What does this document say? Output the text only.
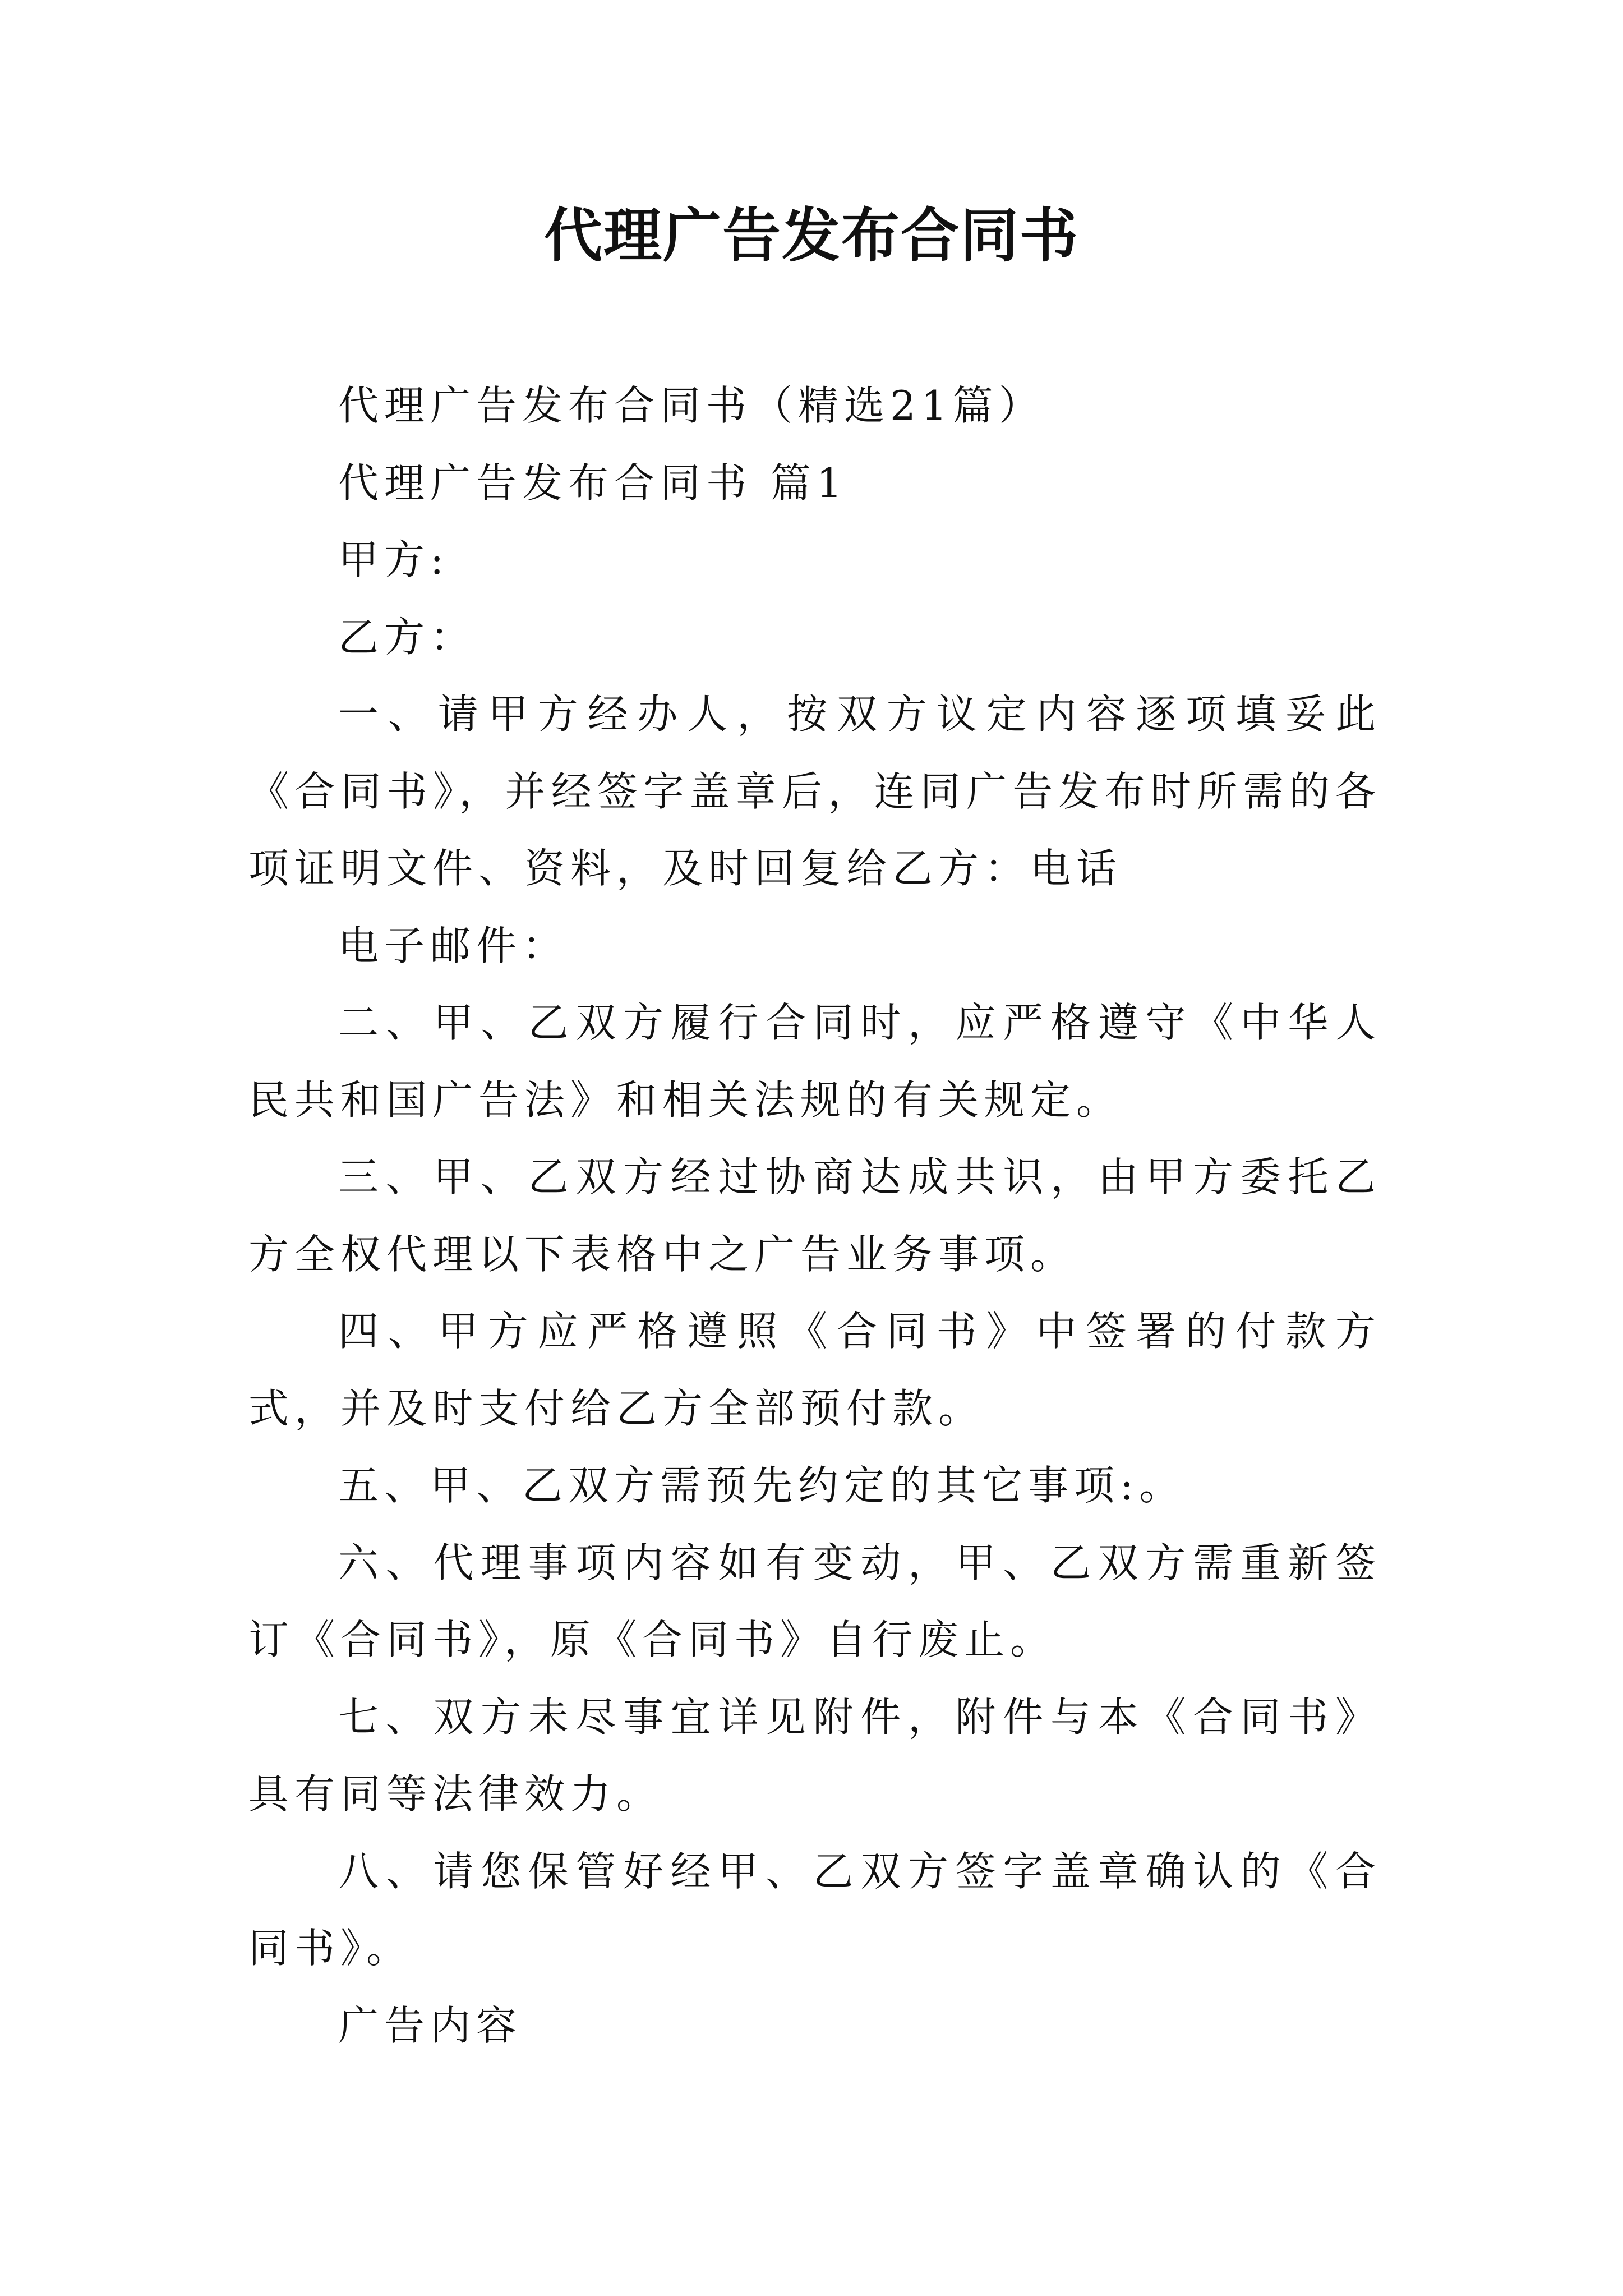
代理广告发布合同书

代理广告发布合同书（精选21篇）

代理广告发布合同书 篇1

甲方:

乙方：

一、请甲方经办人，按双方议定内容逐项填妥此《合同书》，并经签字盖章后，连同广告发布时所需的各项证明文件、资料，及时回复给乙方：电话

电子邮件：

二、甲、乙双方履行合同时，应严格遵守《中华人民共和国广告法》和相关法规的有关规定。

三、甲、乙双方经过协商达成共识，由甲方委托乙方全权代理以下表格中之广告业务事项。

四、甲方应严格遵照《合同书》中签署的付款方式，并及时支付给乙方全部预付款。

五、甲、乙双方需预先约定的其它事项:。

六、代理事项内容如有变动，甲、乙双方需重新签订《合同书》，原《合同书》自行废止。

七、双方未尽事宜详见附件，附件与本《合同书》具有同等法律效力。

八、请您保管好经甲、乙双方签字盖章确认的《合同书》。

广告内容
